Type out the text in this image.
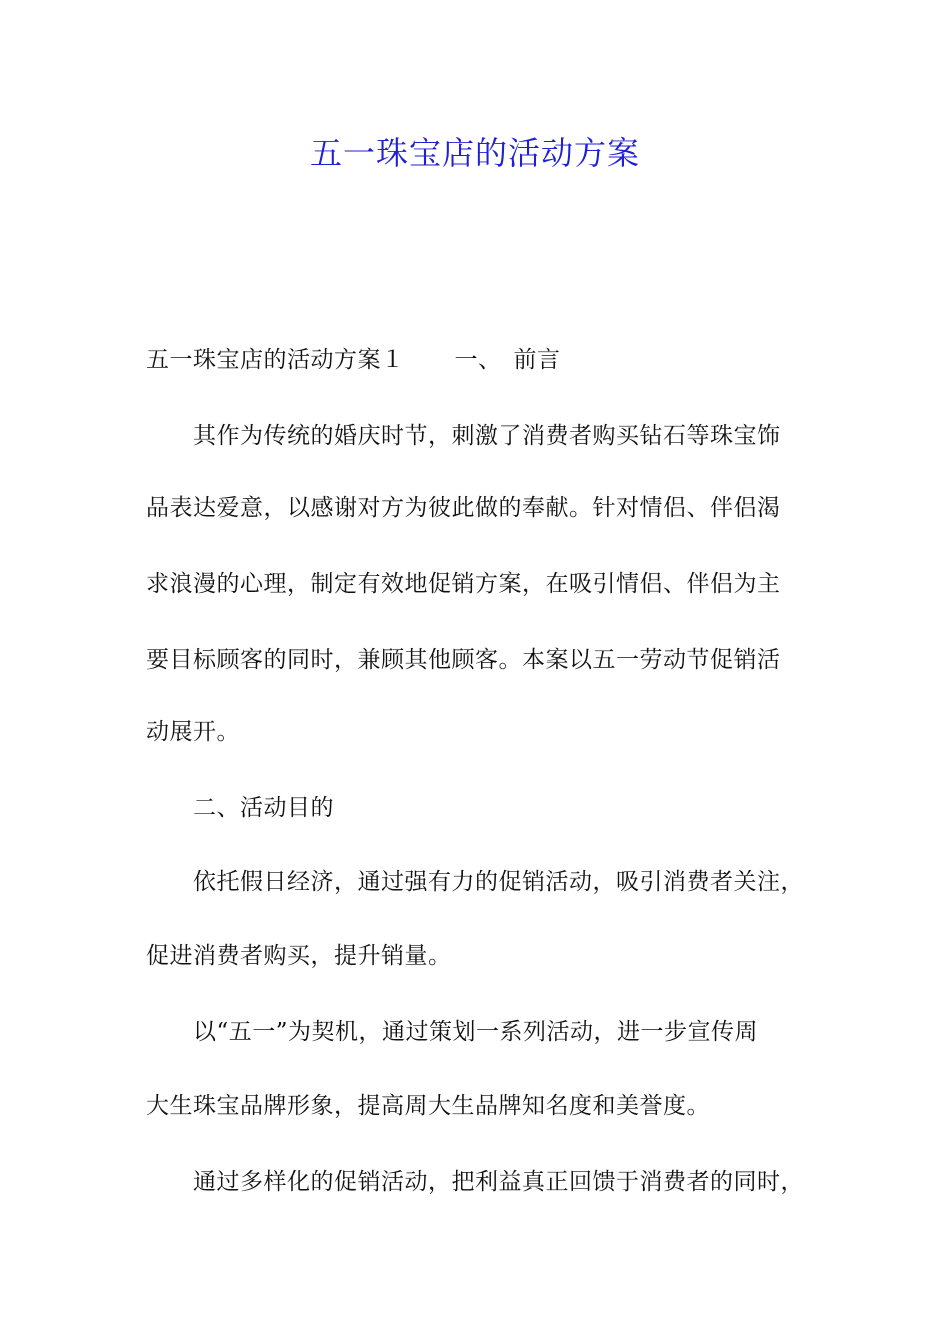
五一珠宝店的活动方案
五一珠宝店的活动方案１ 一、　前言
其作为传统的婚庆时节，刺激了消费者购买钻石等珠宝饰
品表达爱意，以感谢对方为彼此做的奉献。针对情侣、伴侣渴
求浪漫的心理，制定有效地促销方案，在吸引情侣、伴侣为主
要目标顾客的同时，兼顾其他顾客。本案以五一劳动节促销活
动展开。
二、活动目的
依托假日经济，通过强有力的促销活动，吸引消费者关注，
促进消费者购买，提升销量。
以“五一”为契机，通过策划一系列活动，进一步宣传周
大生珠宝品牌形象，提高周大生品牌知名度和美誉度。
通过多样化的促销活动，把利益真正回馈于消费者的同时，
